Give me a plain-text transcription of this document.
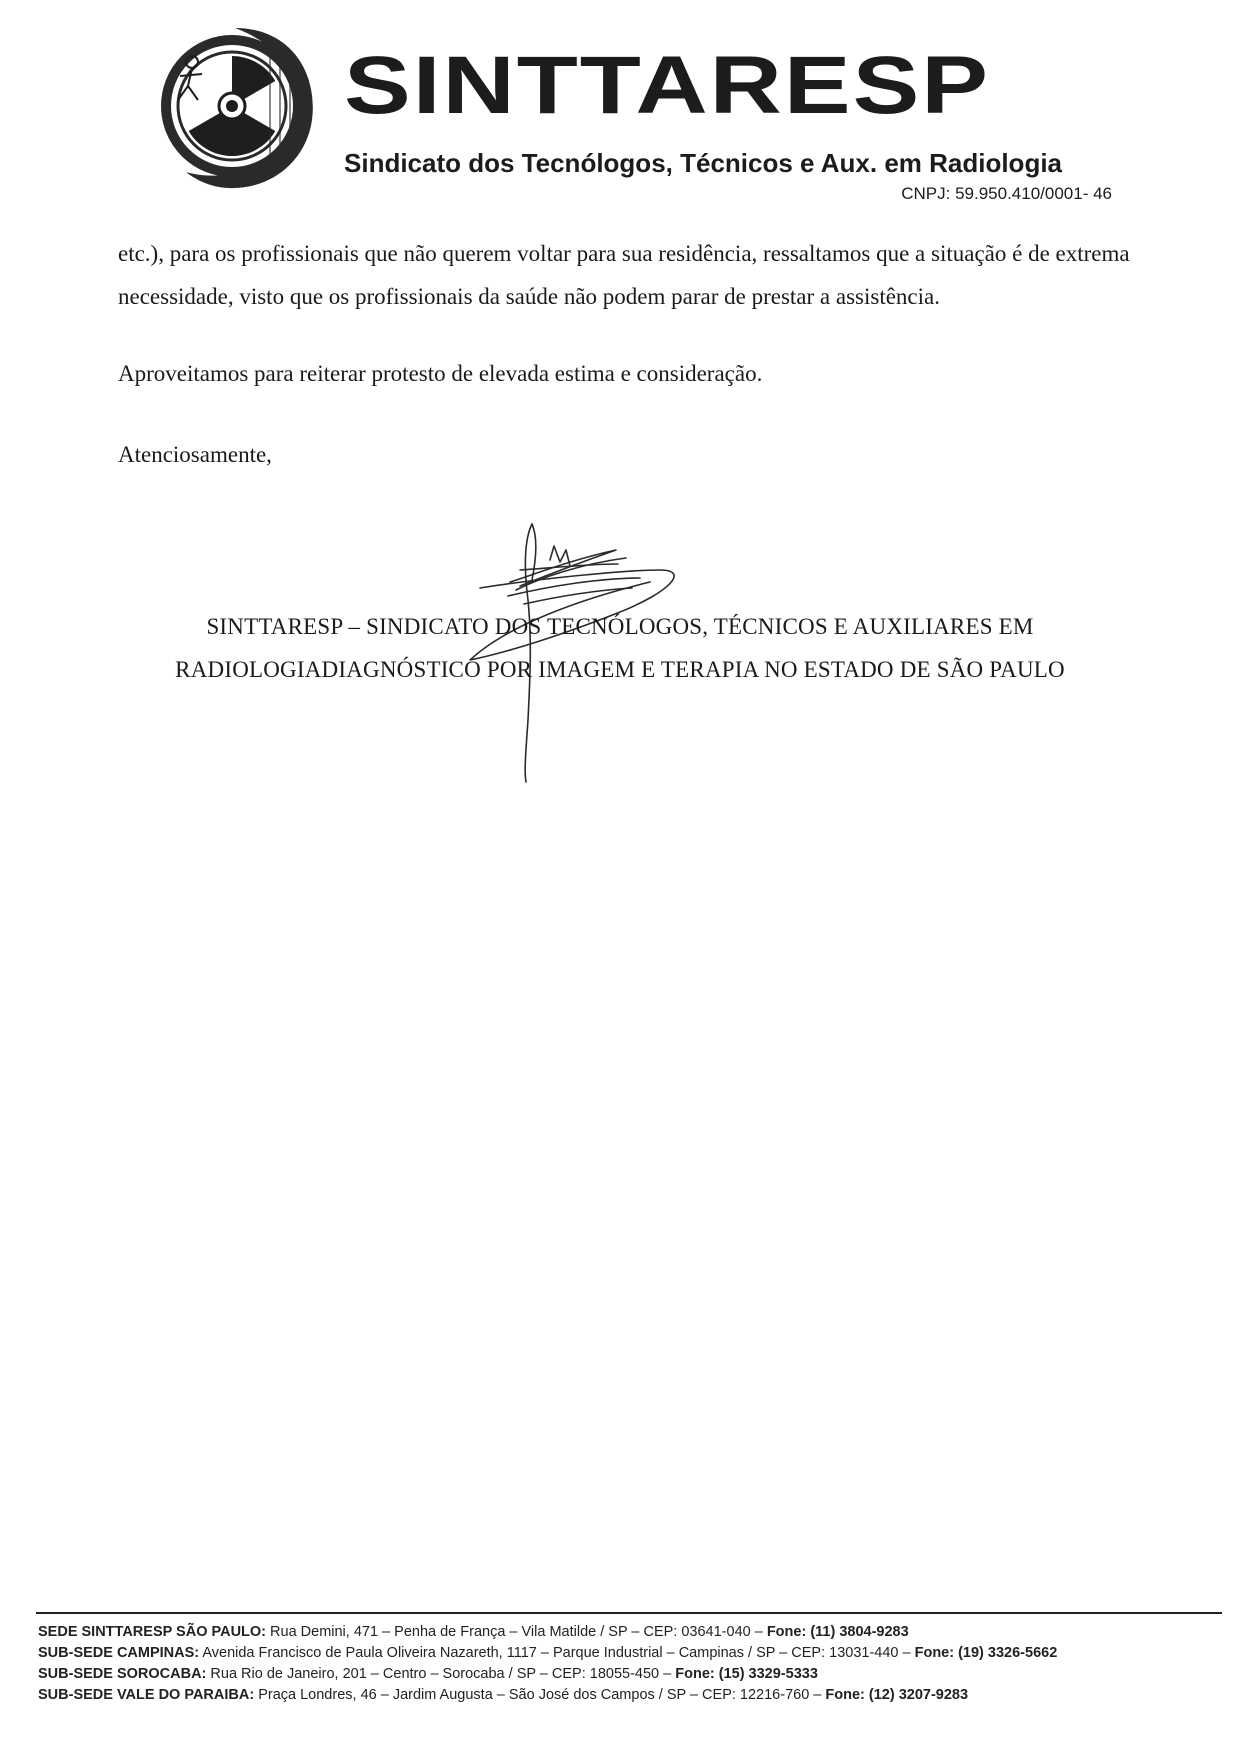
SINTTARESP
Sindicato dos Tecnólogos, Técnicos e Aux. em Radiologia
CNPJ: 59.950.410/0001- 46

etc.), para os profissionais que não querem voltar para sua residência, ressaltamos que a situação é de extrema necessidade, visto que os profissionais da saúde não podem parar de prestar a assistência.

Aproveitamos para reiterar protesto de elevada estima e consideração.

Atenciosamente,

SINTTARESP – SINDICATO DOS TECNÓLOGOS, TÉCNICOS E AUXILIARES EM
RADIOLOGIADIAGNÓSTICO POR IMAGEM E TERAPIA NO ESTADO DE SÃO PAULO
SEDE SINTTARESP SÃO PAULO: Rua Demini, 471 – Penha de França – Vila Matilde / SP – CEP: 03641-040 – Fone: (11) 3804-9283
SUB-SEDE CAMPINAS: Avenida Francisco de Paula Oliveira Nazareth, 1117 – Parque Industrial – Campinas / SP – CEP: 13031-440 – Fone: (19) 3326-5662
SUB-SEDE SOROCABA: Rua Rio de Janeiro, 201 – Centro – Sorocaba / SP – CEP: 18055-450 – Fone: (15) 3329-5333
SUB-SEDE VALE DO PARAIBA: Praça Londres, 46 – Jardim Augusta – São José dos Campos / SP – CEP: 12216-760 – Fone: (12) 3207-9283
